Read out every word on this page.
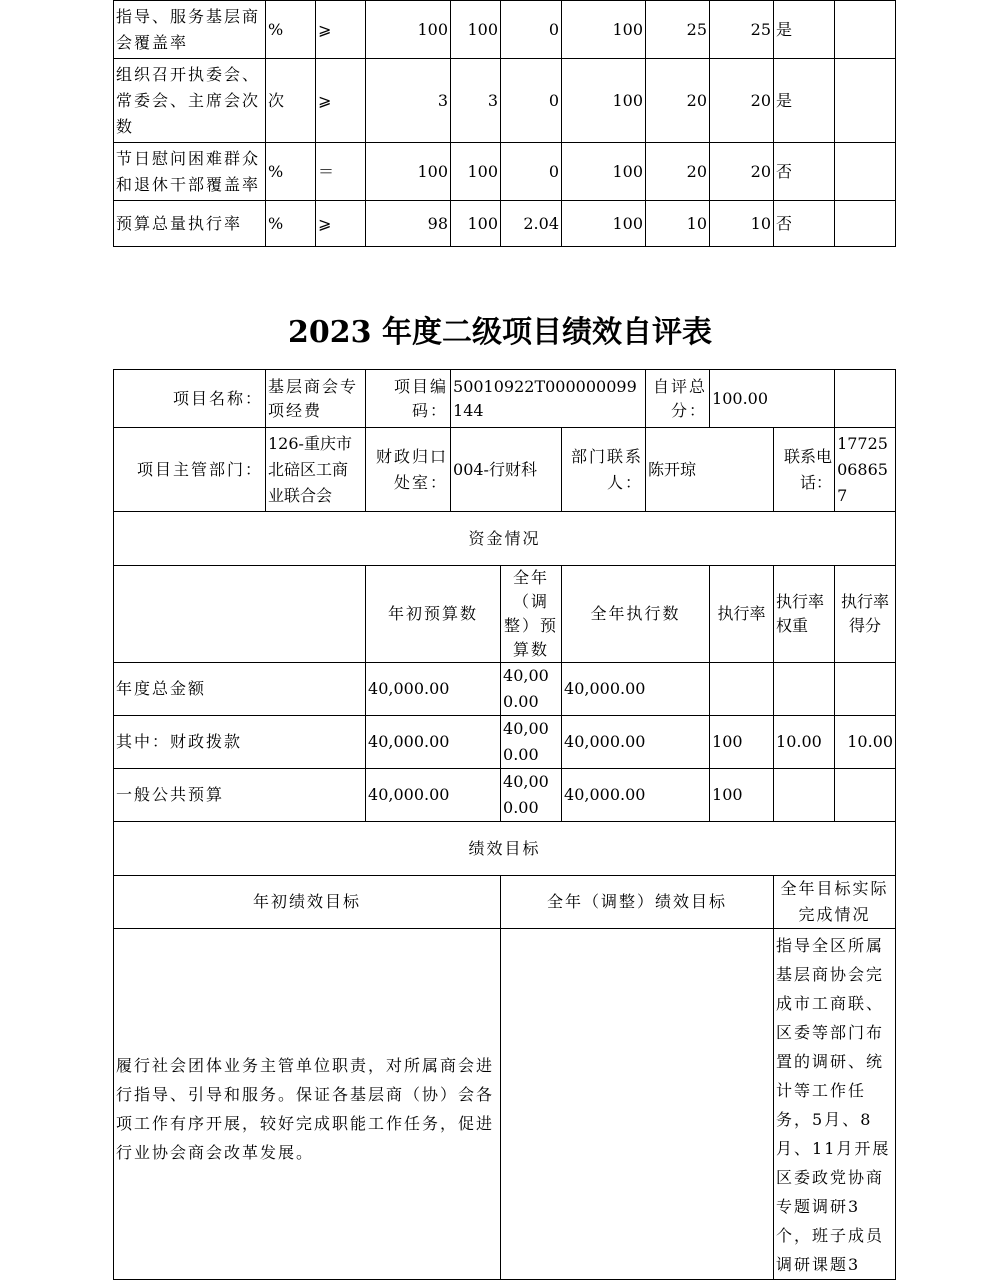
指导、服务基层商会覆盖率	%	⩾	100	100	0	100	25	25	是	
组织召开执委会、常委会、主席会次数	次	⩾	3	3	0	100	20	20	是	
节日慰问困难群众和退休干部覆盖率	%	＝	100	100	0	100	20	20	否	
预算总量执行率	%	⩾	98	100	2.04	100	10	10	否	
2023 年度二级项目绩效自评表
项目名称：	基层商会专项经费	项目编码：	50010922T000000099144			自评总分：	100.00		
项目主管部门：	126-重庆市北碚区工商业联合会	财政归口处室：	004-行财科		部门联系人：	陈开琼		联系电话：	17725068657
资金情况									
		年初预算数		全年（调整）预算数	全年执行数		执行率	执行率权重	执行率得分
年度总金额		40,000.00		40,000.00	40,000.00				
其中：财政拨款		40,000.00		40,000.00	40,000.00		100	10.00	10.00
一般公共预算		40,000.00		40,000.00	40,000.00		100		
绩效目标									
年初绩效目标				全年（调整）绩效目标				全年目标实际完成情况	
履行社会团体业务主管单位职责，对所属商会进行指导、引导和服务。保证各基层商（协）会各项工作有序开展，较好完成职能工作任务，促进行业协会商会改革发展。								指导全区所属基层商协会完成市工商联、区委等部门布置的调研、统计等工作任务，5月、8月、11月开展区委政党协商专题调研3个，班子成员调研课题3	
